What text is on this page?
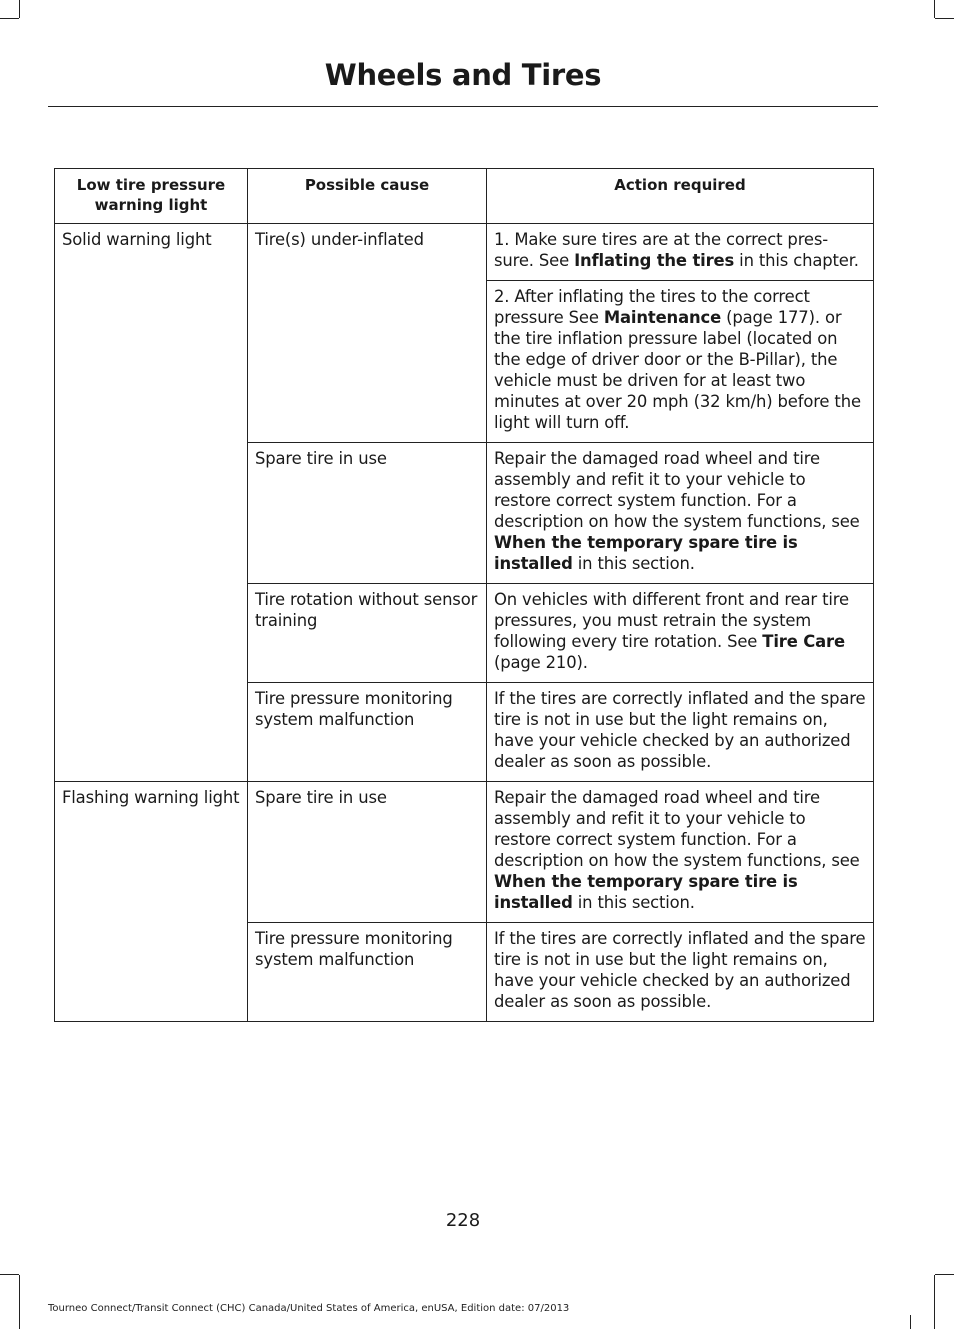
Wheels and Tires
Low tire pressure warning light	Possible cause	Action required
Solid warning light	Tire(s) under-inflated	1. Make sure tires are at the correct pres-sure. See Inflating the tires in this chapter.
		2. After inflating the tires to the correct pressure See Maintenance (page 177). or the tire inflation pressure label (located on the edge of driver door or the B-Pillar), the vehicle must be driven for at least two minutes at over 20 mph (32 km/h) before the light will turn off.
	Spare tire in use	Repair the damaged road wheel and tire assembly and refit it to your vehicle to restore correct system function. For a description on how the system functions, see When the temporary spare tire is installed in this section.
	Tire rotation without sensor training	On vehicles with different front and rear tire pressures, you must retrain the system following every tire rotation. See Tire Care (page 210).
	Tire pressure monitoring system malfunction	If the tires are correctly inflated and the spare tire is not in use but the light remains on, have your vehicle checked by an authorized dealer as soon as possible.
Flashing warning light	Spare tire in use	Repair the damaged road wheel and tire assembly and refit it to your vehicle to restore correct system function. For a description on how the system functions, see When the temporary spare tire is installed in this section.
	Tire pressure monitoring system malfunction	If the tires are correctly inflated and the spare tire is not in use but the light remains on, have your vehicle checked by an authorized dealer as soon as possible.
228
Tourneo Connect/Transit Connect (CHC) Canada/United States of America, enUSA, Edition date: 07/2013
